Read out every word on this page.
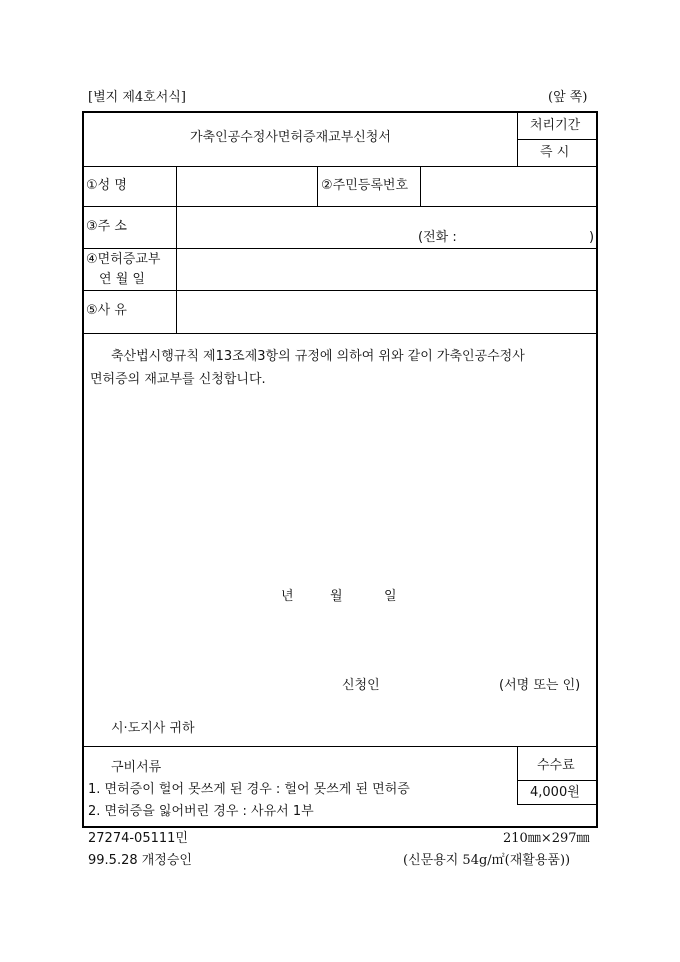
[별지 제4호서식]	(앞 쪽)
가축인공수정사면허증재교부신청서
처리기간
즉 시
①성 명	②주민등록번호
③주 소
(전화 :	)
④면허증교부
연 월 일
⑤사 유
축산법시행규칙 제13조제3항의 규정에 의하여 위와 같이 가축인공수정사
면허증의 재교부를 신청합니다.
년	월	일
신청인	(서명 또는 인)
시·도지사 귀하
구비서류
1. 면허증이 헐어 못쓰게 된 경우 : 헐어 못쓰게 된 면허증
2. 면허증을 잃어버린 경우 : 사유서 1부
수수료
4,000원
27274-05111민	210㎜×297㎜
99.5.28 개정승인	(신문용지 54g/㎡(재활용품))
